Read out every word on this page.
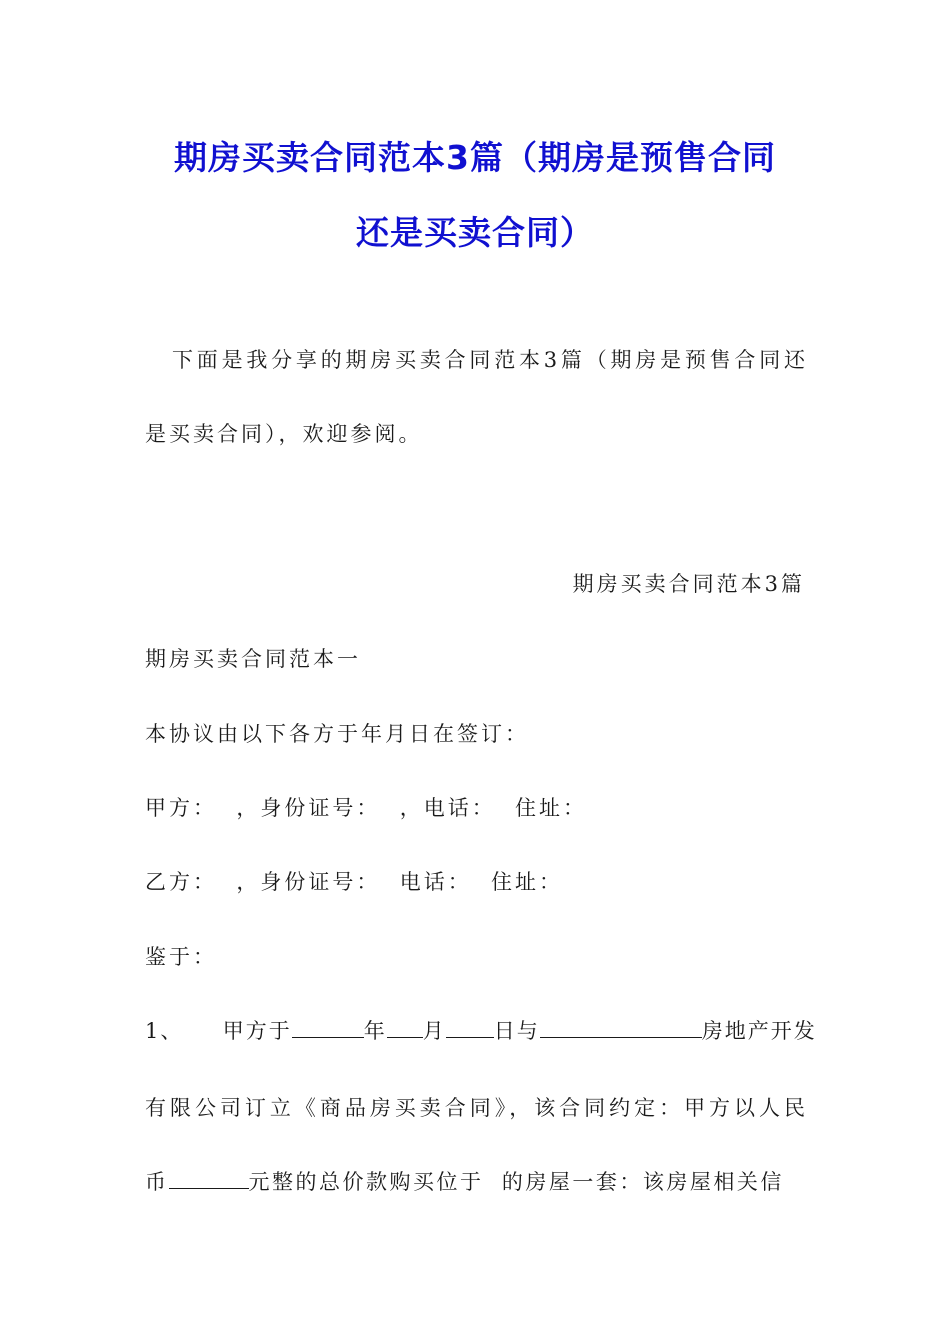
期房买卖合同范本3篇（期房是预售合同
还是买卖合同）
下面是我分享的期房买卖合同范本3篇（期房是预售合同还
是买卖合同），欢迎参阅。
期房买卖合同范本3篇
期房买卖合同范本一
本协议由以下各方于年月日在签订：
甲方：  ，身份证号：  ，电话：  住址：
乙方：  ，身份证号：  电话：  住址：
鉴于：
1、 甲方于	年 月 日与	房地产开发
有限公司订立《商品房买卖合同》，该合同约定：甲方以人民
币	元整的总价款购买位于  的房屋一套：该房屋相关信
